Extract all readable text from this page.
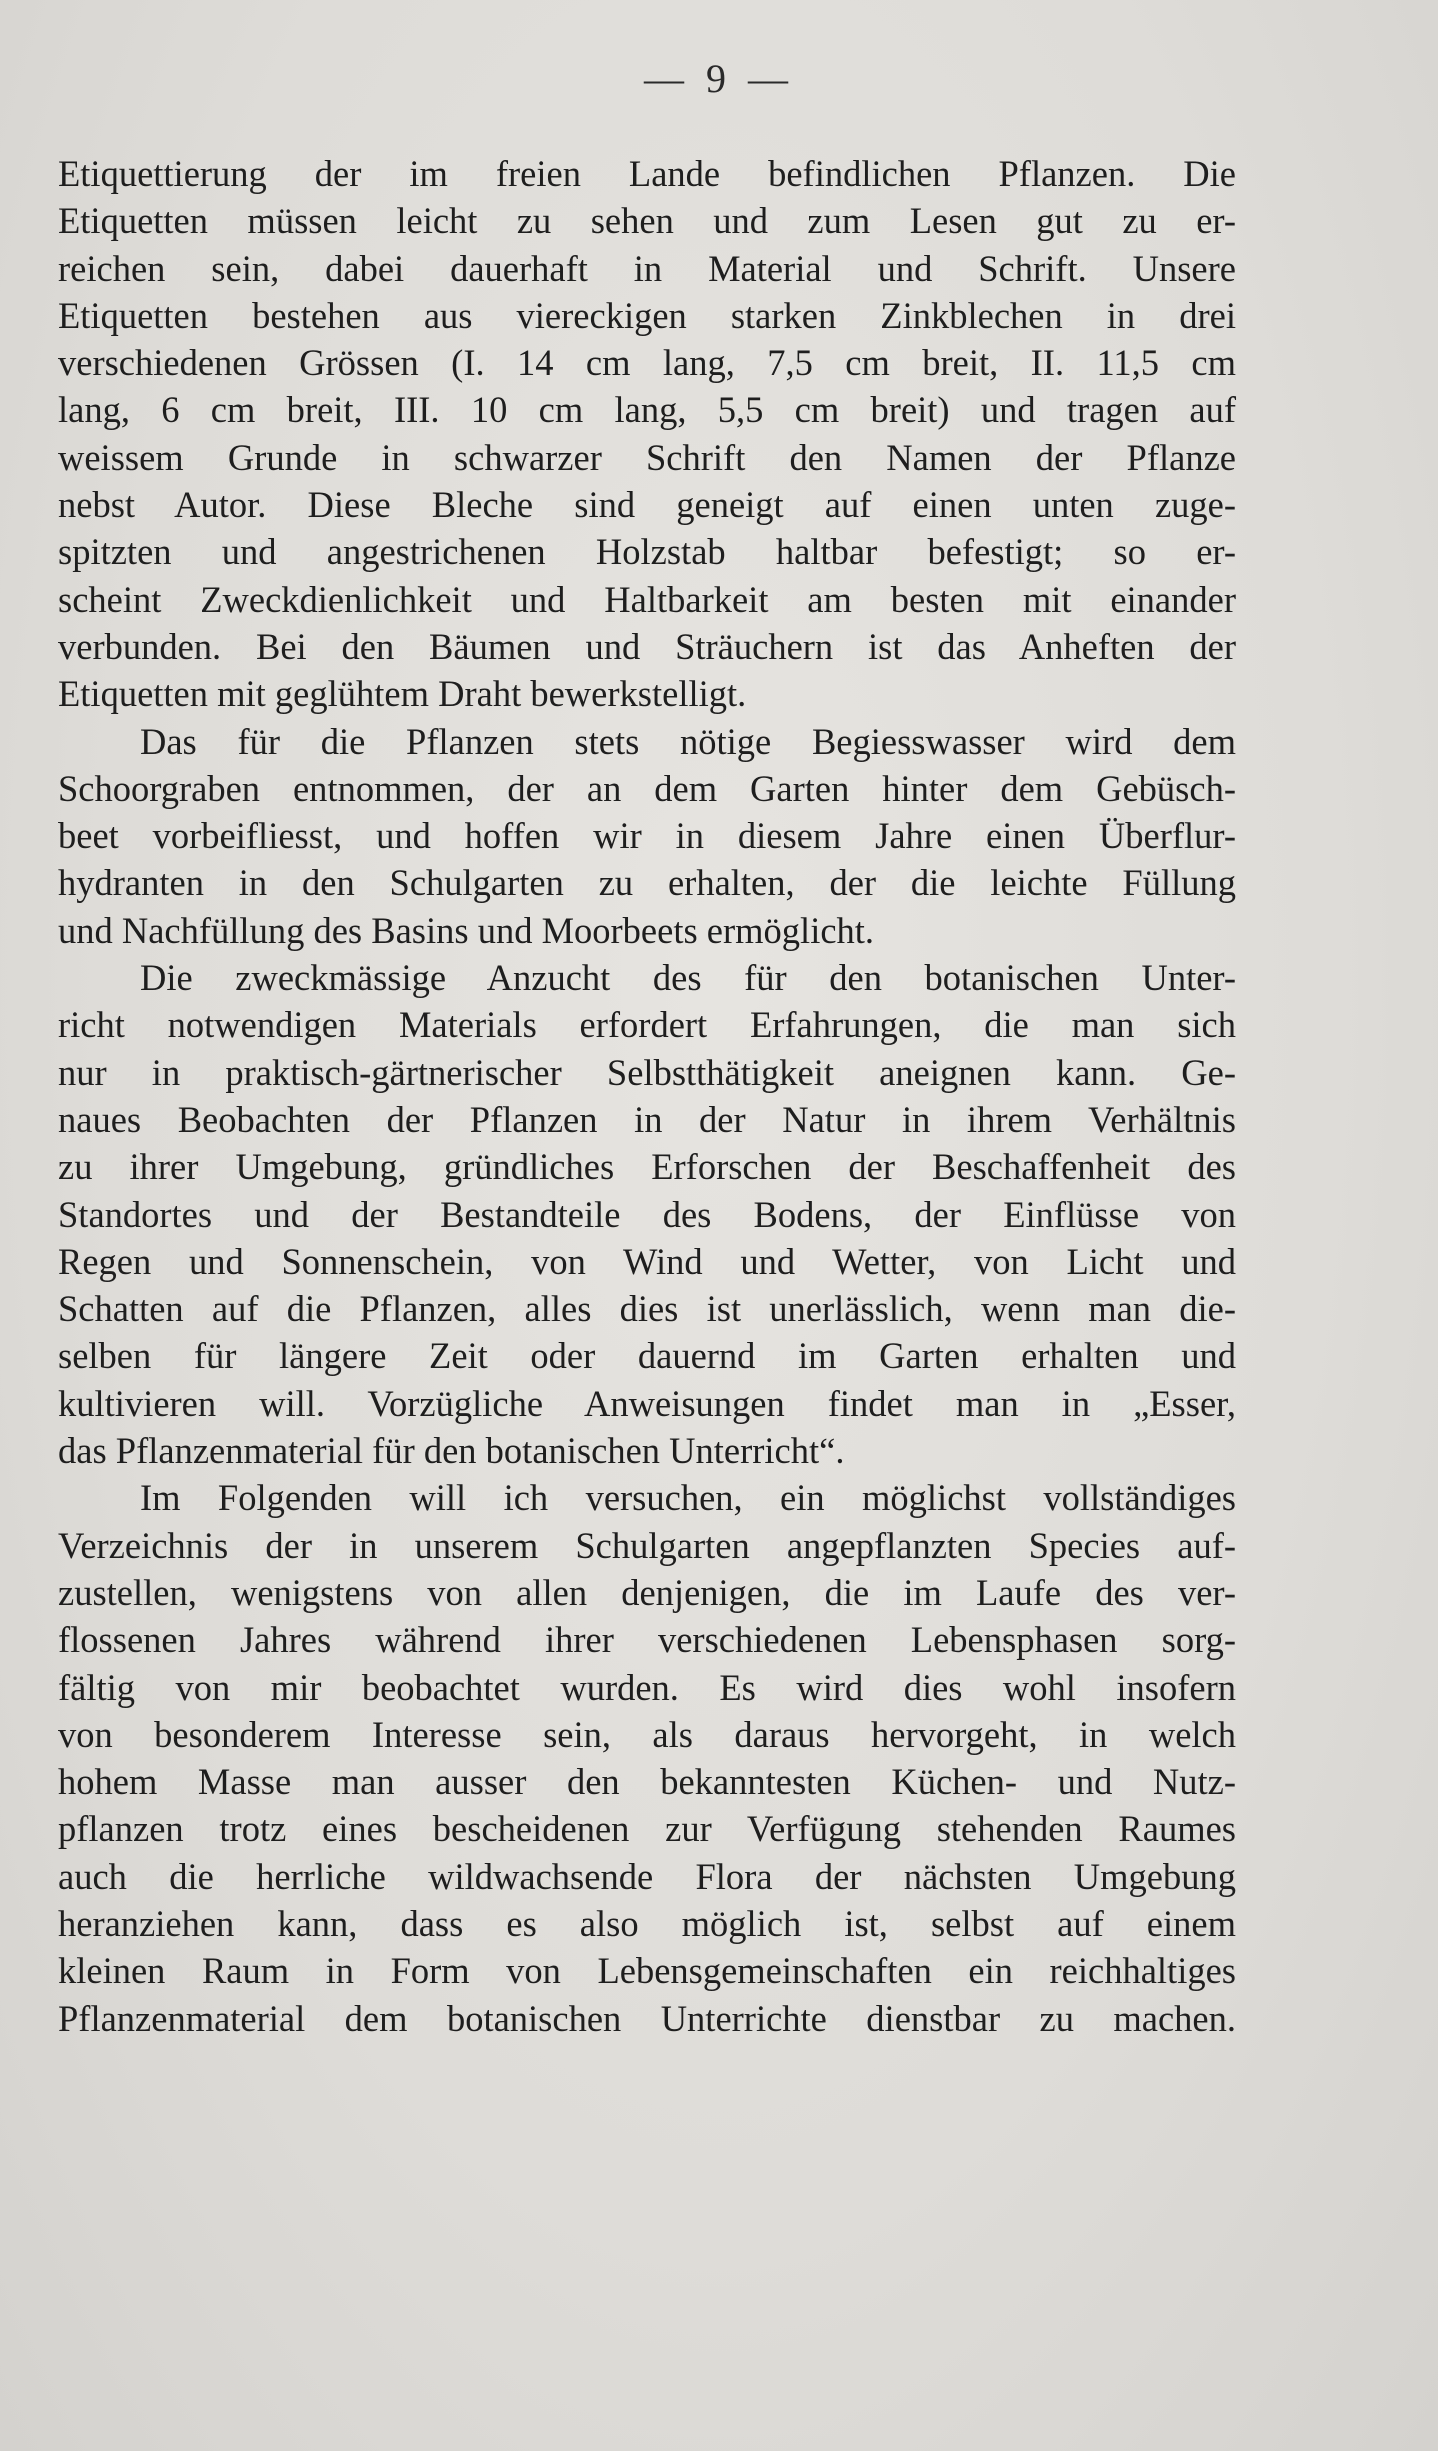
— 9 —
Etiquettierung der im freien Lande befindlichen Pflanzen. Die
Etiquetten müssen leicht zu sehen und zum Lesen gut zu er-
reichen sein, dabei dauerhaft in Material und Schrift. Unsere
Etiquetten bestehen aus viereckigen starken Zinkblechen in drei
verschiedenen Grössen (I. 14 cm lang, 7,5 cm breit, II. 11,5 cm
lang, 6 cm breit, III. 10 cm lang, 5,5 cm breit) und tragen auf
weissem Grunde in schwarzer Schrift den Namen der Pflanze
nebst Autor. Diese Bleche sind geneigt auf einen unten zuge-
spitzten und angestrichenen Holzstab haltbar befestigt; so er-
scheint Zweckdienlichkeit und Haltbarkeit am besten mit einander
verbunden. Bei den Bäumen und Sträuchern ist das Anheften der
Etiquetten mit geglühtem Draht bewerkstelligt.
Das für die Pflanzen stets nötige Begiesswasser wird dem
Schoorgraben entnommen, der an dem Garten hinter dem Gebüsch-
beet vorbeifliesst, und hoffen wir in diesem Jahre einen Überflur-
hydranten in den Schulgarten zu erhalten, der die leichte Füllung
und Nachfüllung des Basins und Moorbeets ermöglicht.
Die zweckmässige Anzucht des für den botanischen Unter-
richt notwendigen Materials erfordert Erfahrungen, die man sich
nur in praktisch-gärtnerischer Selbstthätigkeit aneignen kann. Ge-
naues Beobachten der Pflanzen in der Natur in ihrem Verhältnis
zu ihrer Umgebung, gründliches Erforschen der Beschaffenheit des
Standortes und der Bestandteile des Bodens, der Einflüsse von
Regen und Sonnenschein, von Wind und Wetter, von Licht und
Schatten auf die Pflanzen, alles dies ist unerlässlich, wenn man die-
selben für längere Zeit oder dauernd im Garten erhalten und
kultivieren will. Vorzügliche Anweisungen findet man in „Esser,
das Pflanzenmaterial für den botanischen Unterricht“.
Im Folgenden will ich versuchen, ein möglichst vollständiges
Verzeichnis der in unserem Schulgarten angepflanzten Species auf-
zustellen, wenigstens von allen denjenigen, die im Laufe des ver-
flossenen Jahres während ihrer verschiedenen Lebensphasen sorg-
fältig von mir beobachtet wurden. Es wird dies wohl insofern
von besonderem Interesse sein, als daraus hervorgeht, in welch
hohem Masse man ausser den bekanntesten Küchen- und Nutz-
pflanzen trotz eines bescheidenen zur Verfügung stehenden Raumes
auch die herrliche wildwachsende Flora der nächsten Umgebung
heranziehen kann, dass es also möglich ist, selbst auf einem
kleinen Raum in Form von Lebensgemeinschaften ein reichhaltiges
Pflanzenmaterial dem botanischen Unterrichte dienstbar zu machen.
